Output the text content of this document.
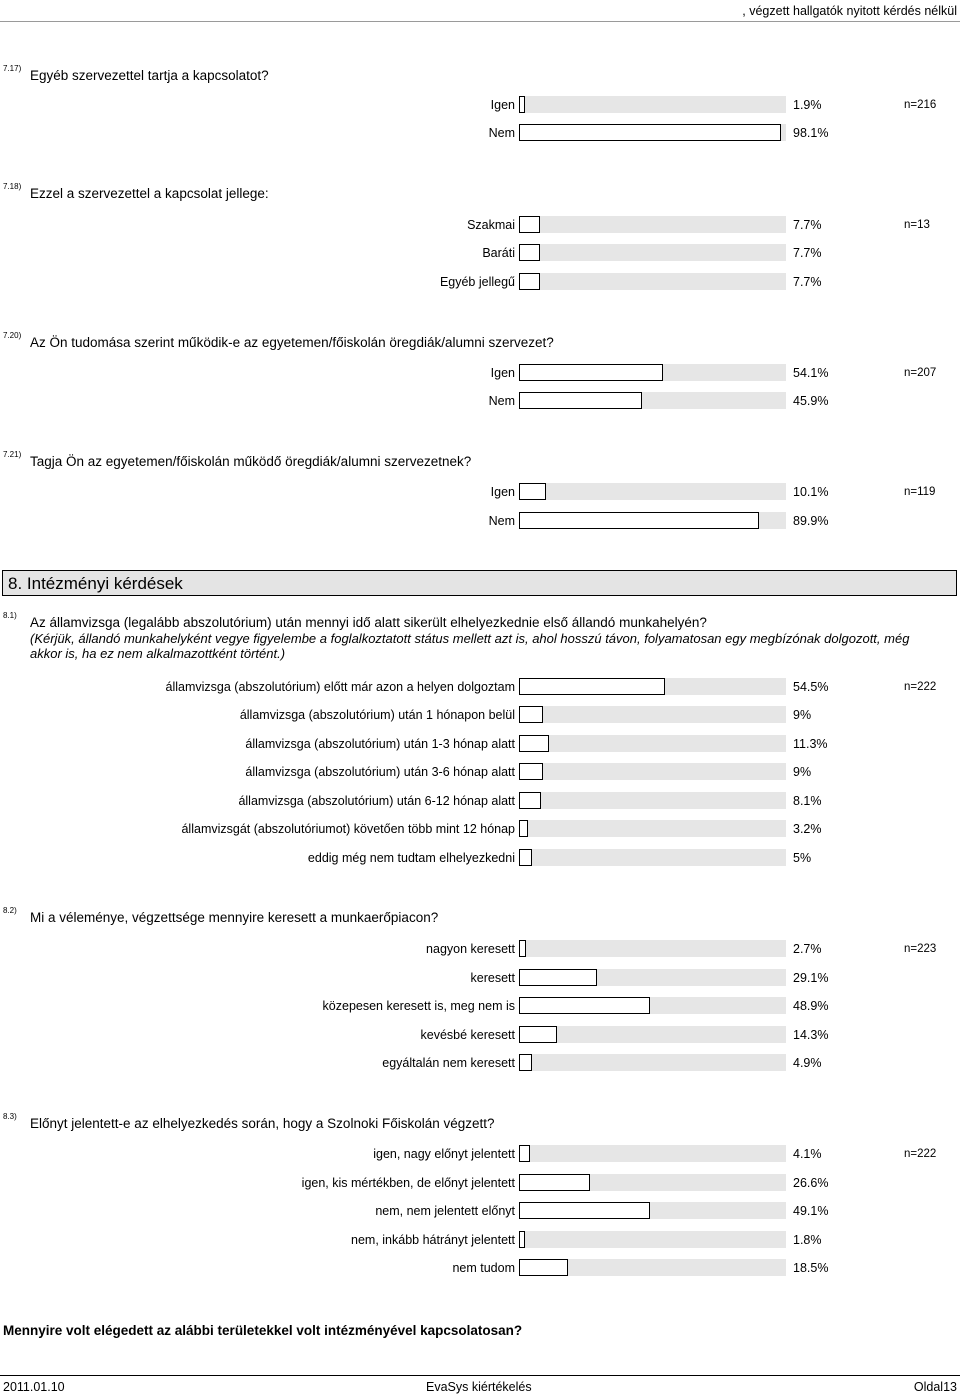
, végzett hallgatók nyitott kérdés nélkül
7.17) Egyéb szervezettel tartja a kapcsolatot?
Igen	1.9%	n=216
Nem	98.1%
7.18) Ezzel a szervezettel a kapcsolat jellege:
Szakmai	7.7%	n=13
Baráti	7.7%
Egyéb jellegű	7.7%
7.20) Az Ön tudomása szerint működik-e az egyetemen/főiskolán öregdiák/alumni szervezet?
Igen	54.1%	n=207
Nem	45.9%
7.21) Tagja Ön az egyetemen/főiskolán működő öregdiák/alumni szervezetnek?
Igen	10.1%	n=119
Nem	89.9%
8. Intézményi kérdések
8.1) Az államvizsga (legalább abszolutórium) után mennyi idő alatt sikerült elhelyezkednie első állandó munkahelyén?
(Kérjük, állandó munkahelyként vegye figyelembe a foglalkoztatott státus mellett azt is, ahol hosszú távon, folyamatosan egy megbízónak dolgozott, még akkor is, ha ez nem alkalmazottként történt.)
államvizsga (abszolutórium) előtt már azon a helyen dolgoztam	54.5%	n=222
államvizsga (abszolutórium) után 1 hónapon belül	9%
államvizsga (abszolutórium) után 1-3 hónap alatt	11.3%
államvizsga (abszolutórium) után 3-6 hónap alatt	9%
államvizsga (abszolutórium) után 6-12 hónap alatt	8.1%
államvizsgát (abszolutóriumot) követően több mint 12 hónap	3.2%
eddig még nem tudtam elhelyezkedni	5%
8.2) Mi a véleménye, végzettsége mennyire keresett a munkaerőpiacon?
nagyon keresett	2.7%	n=223
keresett	29.1%
közepesen keresett is, meg nem is	48.9%
kevésbé keresett	14.3%
egyáltalán nem keresett	4.9%
8.3) Előnyt jelentett-e az elhelyezkedés során, hogy a Szolnoki Főiskolán végzett?
igen, nagy előnyt jelentett	4.1%	n=222
igen, kis mértékben, de előnyt jelentett	26.6%
nem, nem jelentett előnyt	49.1%
nem, inkább hátrányt jelentett	1.8%
nem tudom	18.5%
Mennyire volt elégedett az alábbi területekkel volt intézményével kapcsolatosan?
2011.01.10	EvaSys kiértékelés	Oldal13
